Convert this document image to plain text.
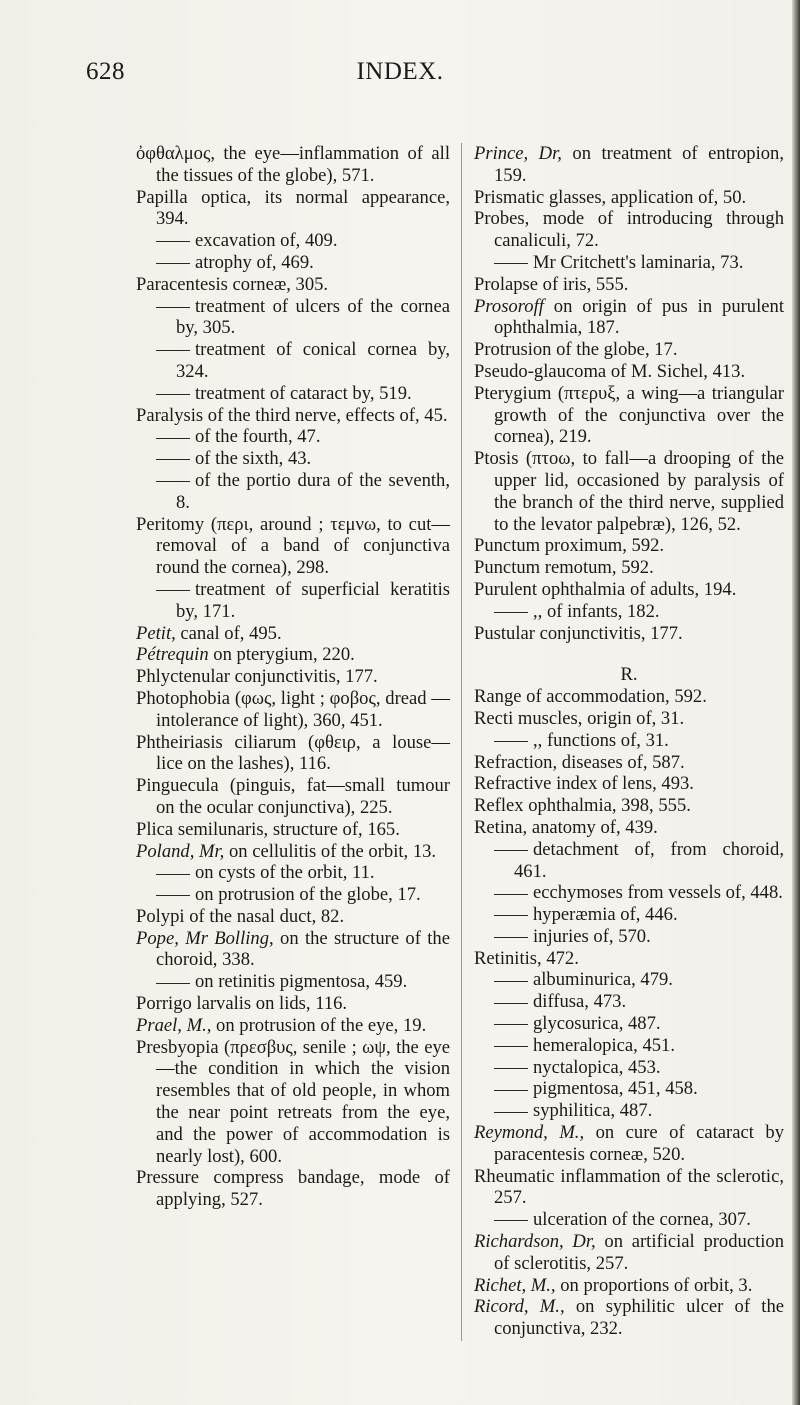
INDEX.
628

ὀφθαλμος, the eye—inflammation of all the tissues of the globe), 571.

Papilla optica, its normal appearance, 394.

excavation of, 409.

atrophy of, 469.

Paracentesis corneæ, 305.

treatment of ulcers of the cornea by, 305.

treatment of conical cornea by, 324.

treatment of cataract by, 519.

Paralysis of the third nerve, effects of, 45.

of the fourth, 47.

of the sixth, 43.

of the portio dura of the seventh, 8.

Peritomy (περι, around ; τεμνω, to cut—removal of a band of conjunctiva round the cornea), 298.

treatment of superficial keratitis by, 171.

Petit, canal of, 495.

Pétrequin on pterygium, 220.

Phlyctenular conjunctivitis, 177.

Photophobia (φως, light ; φοβος, dread — intolerance of light), 360, 451.

Phtheiriasis ciliarum (φθειρ, a louse— lice on the lashes), 116.

Pinguecula (pinguis, fat—small tumour on the ocular conjunctiva), 225.

Plica semilunaris, structure of, 165.

Poland, Mr, on cellulitis of the orbit, 13.

on cysts of the orbit, 11.

on protrusion of the globe, 17.

Polypi of the nasal duct, 82.

Pope, Mr Bolling, on the structure of the choroid, 338.

on retinitis pigmentosa, 459.

Porrigo larvalis on lids, 116.

Prael, M., on protrusion of the eye, 19.

Presbyopia (πρεσβυς, senile ; ωψ, the eye—the condition in which the vision resembles that of old people, in whom the near point retreats from the eye, and the power of accommodation is nearly lost), 600.

Pressure compress bandage, mode of applying, 527.

Prince, Dr, on treatment of entropion, 159.

Prismatic glasses, application of, 50.

Probes, mode of introducing through canaliculi, 72.

Mr Critchett's laminaria, 73.

Prolapse of iris, 555.

Prosoroff on origin of pus in purulent ophthalmia, 187.

Protrusion of the globe, 17.

Pseudo-glaucoma of M. Sichel, 413.

Pterygium (πτερυξ, a wing—a triangular growth of the conjunctiva over the cornea), 219.

Ptosis (πτοω, to fall—a drooping of the upper lid, occasioned by paralysis of the branch of the third nerve, supplied to the levator palpebræ), 126, 52.

Punctum proximum, 592.

Punctum remotum, 592.

Purulent ophthalmia of adults, 194.

,, of infants, 182.

Pustular conjunctivitis, 177.

R.

Range of accommodation, 592.

Recti muscles, origin of, 31.

,, functions of, 31.

Refraction, diseases of, 587.

Refractive index of lens, 493.

Reflex ophthalmia, 398, 555.

Retina, anatomy of, 439.

detachment of, from choroid, 461.

ecchymoses from vessels of, 448.

hyperæmia of, 446.

injuries of, 570.

Retinitis, 472.

albuminurica, 479.

diffusa, 473.

glycosurica, 487.

hemeralopica, 451.

nyctalopica, 453.

pigmentosa, 451, 458.

syphilitica, 487.

Reymond, M., on cure of cataract by paracentesis corneæ, 520.

Rheumatic inflammation of the sclerotic, 257.

ulceration of the cornea, 307.

Richardson, Dr, on artificial production of sclerotitis, 257.

Richet, M., on proportions of orbit, 3.

Ricord, M., on syphilitic ulcer of the conjunctiva, 232.
